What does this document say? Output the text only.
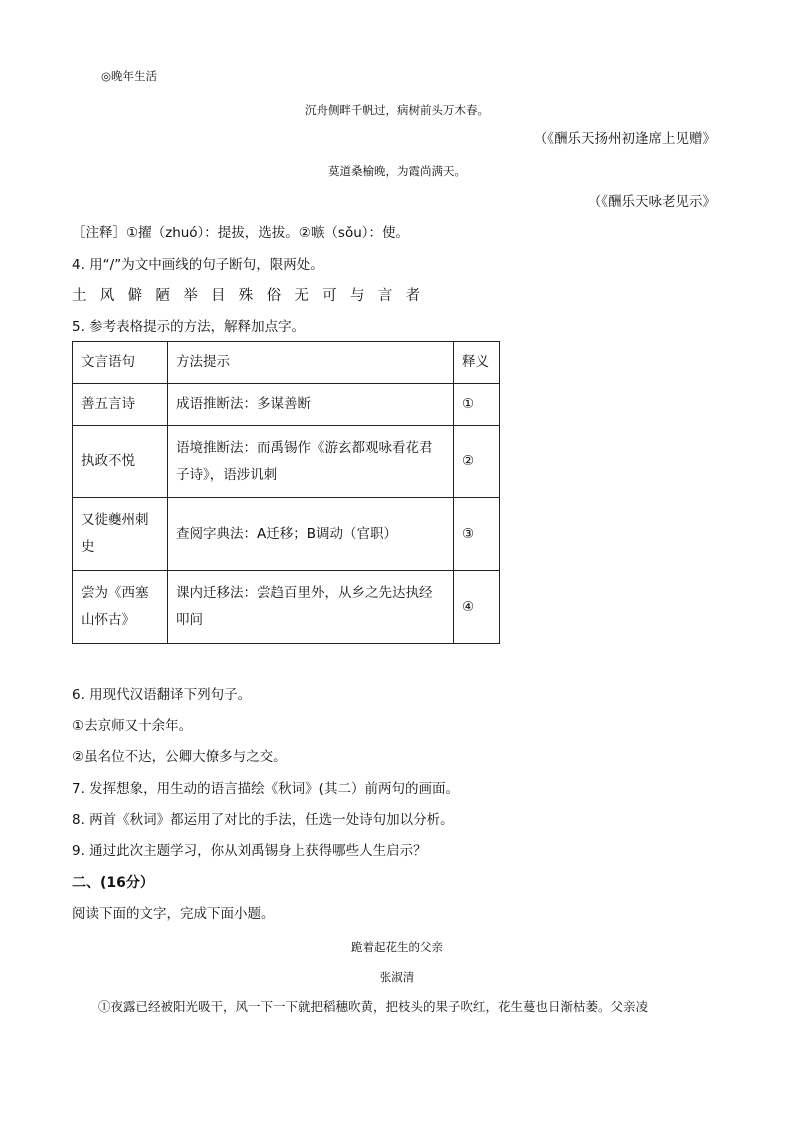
◎晚年生活
沉舟侧畔千帆过，病树前头万木春。
（《酬乐天扬州初逢席上见赠》
莫道桑榆晚，为霞尚满天。
（《酬乐天咏老见示》
［注释］①擢（zhuó）：提拔，选拔。②嗾（sǒu）：使。
4. 用“/”为文中画线的句子断句，限两处。
土 风 僻 陋 举 目 殊 俗 无 可 与 言 者
5. 参考表格提示的方法，解释加点字。
文言语句	方法提示	释义
善五言诗	成语推断法：多谋善断	①
执政不悦	语境推断法：而禹锡作《游玄都观咏看花君子诗》，语涉讥刺	②
又徙夔州刺史	查阅字典法：A迁移；B调动（官职）	③
尝为《西塞山怀古》	课内迁移法：尝趋百里外，从乡之先达执经叩问	④
6. 用现代汉语翻译下列句子。
①去京师又十余年。
②虽名位不达，公卿大僚多与之交。
7. 发挥想象，用生动的语言描绘《秋词》(其二）前两句的画面。
8. 两首《秋词》都运用了对比的手法，任选一处诗句加以分析。
9. 通过此次主题学习，你从刘禹锡身上获得哪些人生启示？
二、(16分）
阅读下面的文字，完成下面小题。
跪着起花生的父亲
张淑清
①夜露已经被阳光吸干，风一下一下就把稻穗吹黄，把枝头的果子吹红，花生蔓也日渐枯萎。父亲凌
